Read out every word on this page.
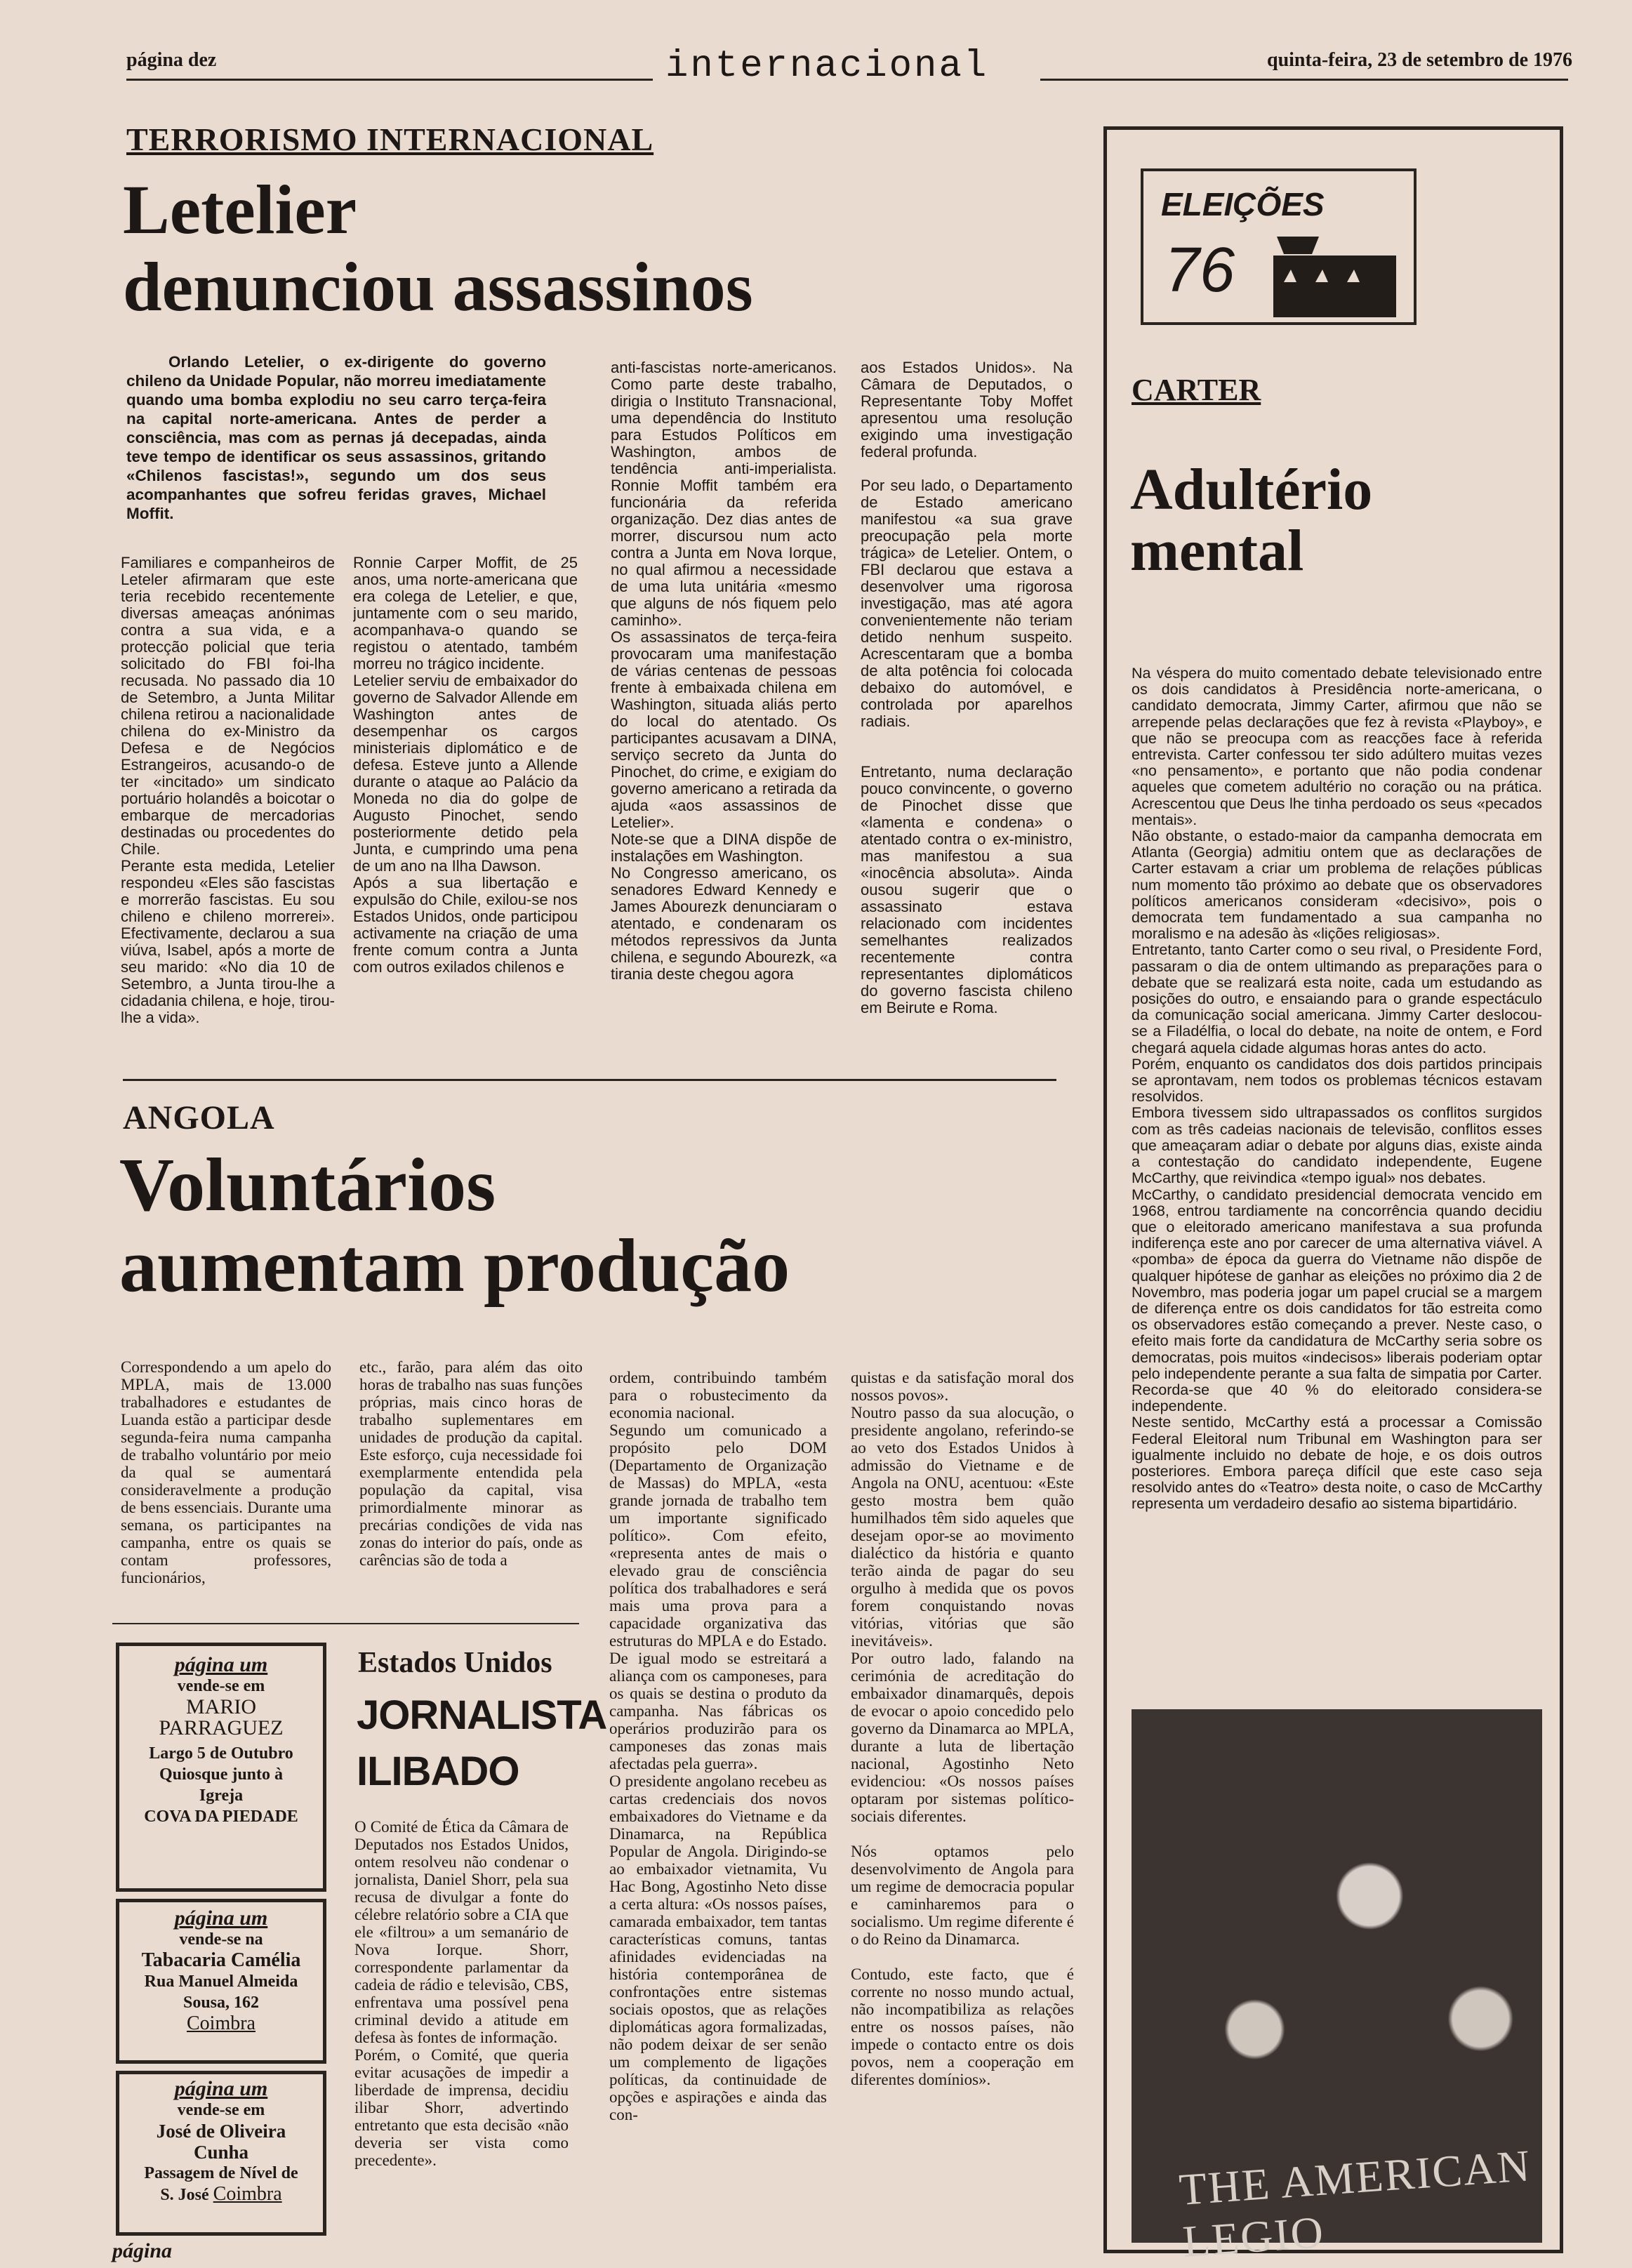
página dez	internacional	quinta-feira, 23 de setembro de 1976
TERRORISMO INTERNACIONAL
Letelier
denunciou assassinos
Orlando Letelier, o ex-dirigente do governo chileno da Unidade Popular, não morreu imediatamente quando uma bomba explodiu no seu carro terça-feira na capital norte-americana. Antes de perder a consciência, mas com as pernas já decepadas, ainda teve tempo de identificar os seus assassinos, gritando «Chilenos fascistas!», segundo um dos seus acompanhantes que sofreu feridas graves, Michael Moffit.
Familiares e companheiros de Leteler afirmaram que este teria recebido recentemente diversas ameaças anónimas contra a sua vida, e a protecção policial que teria solicitado do FBI foi-lha recusada. No passado dia 10 de Setembro, a Junta Militar chilena retirou a nacionalidade chilena do ex-Ministro da Defesa e de Negócios Estrangeiros, acusando-o de ter «incitado» um sindicato portuário holandês a boicotar o embarque de mercadorias destinadas ou procedentes do Chile.
Perante esta medida, Letelier respondeu «Eles são fascistas e morrerão fascistas. Eu sou chileno e chileno morrerei». Efectivamente, declarou a sua viúva, Isabel, após a morte de seu marido: «No dia 10 de Setembro, a Junta tirou-lhe a cidadania chilena, e hoje, tirou-lhe a vida».
Ronnie Carper Moffit, de 25 anos, uma norte-americana que era colega de Letelier, e que, juntamente com o seu marido, acompanhava-o quando se registou o atentado, também morreu no trágico incidente.
Letelier serviu de embaixador do governo de Salvador Allende em Washington antes de desempenhar os cargos ministeriais diplomático e de defesa. Esteve junto a Allende durante o ataque ao Palácio da Moneda no dia do golpe de Augusto Pinochet, sendo posteriormente detido pela Junta, e cumprindo uma pena de um ano na Ilha Dawson.
Após a sua libertação e expulsão do Chile, exilou-se nos Estados Unidos, onde participou activamente na criação de uma frente comum contra a Junta com outros exilados chilenos e
anti-fascistas norte-americanos. Como parte deste trabalho, dirigia o Instituto Transnacional, uma dependência do Instituto para Estudos Políticos em Washington, ambos de tendência anti-imperialista. Ronnie Moffit também era funcionária da referida organização. Dez dias antes de morrer, discursou num acto contra a Junta em Nova Iorque, no qual afirmou a necessidade de uma luta unitária «mesmo que alguns de nós fiquem pelo caminho».
Os assassinatos de terça-feira provocaram uma manifestação de várias centenas de pessoas frente à embaixada chilena em Washington, situada aliás perto do local do atentado. Os participantes acusavam a DINA, serviço secreto da Junta do Pinochet, do crime, e exigiam do governo americano a retirada da ajuda «aos assassinos de Letelier».
Note-se que a DINA dispõe de instalações em Washington.
No Congresso americano, os senadores Edward Kennedy e James Abourezk denunciaram o atentado, e condenaram os métodos repressivos da Junta chilena, e segundo Abourezk, «a tirania deste chegou agora
aos Estados Unidos». Na Câmara de Deputados, o Representante Toby Moffet apresentou uma resolução exigindo uma investigação federal profunda.

Por seu lado, o Departamento de Estado americano manifestou «a sua grave preocupação pela morte trágica» de Letelier. Ontem, o FBI declarou que estava a desenvolver uma rigorosa investigação, mas até agora convenientemente não teriam detido nenhum suspeito. Acrescentaram que a bomba de alta potência foi colocada debaixo do automóvel, e controlada por aparelhos radiais.

Entretanto, numa declaração pouco convincente, o governo de Pinochet disse que «lamenta e condena» o atentado contra o ex-ministro, mas manifestou a sua «inocência absoluta». Ainda ousou sugerir que o assassinato estava relacionado com incidentes semelhantes realizados recentemente contra representantes diplomáticos do governo fascista chileno em Beirute e Roma.
ANGOLA
Voluntários
aumentam produção
Correspondendo a um apelo do MPLA, mais de 13.000 trabalhadores e estudantes de Luanda estão a participar desde segunda-feira numa campanha de trabalho voluntário por meio da qual se aumentará consideravelmente a produção de bens essenciais. Durante uma semana, os participantes na campanha, entre os quais se contam professores, funcionários,
etc., farão, para além das oito horas de trabalho nas suas funções próprias, mais cinco horas de trabalho suplementares em unidades de produção da capital. Este esforço, cuja necessidade foi exemplarmente entendida pela população da capital, visa primordialmente minorar as precárias condições de vida nas zonas do interior do país, onde as carências são de toda a
ordem, contribuindo também para o robustecimento da economia nacional.
Segundo um comunicado a propósito pelo DOM (Departamento de Organização de Massas) do MPLA, «esta grande jornada de trabalho tem um importante significado político». Com efeito, «representa antes de mais o elevado grau de consciência política dos trabalhadores e será mais uma prova para a capacidade organizativa das estruturas do MPLA e do Estado. De igual modo se estreitará a aliança com os camponeses, para os quais se destina o produto da campanha. Nas fábricas os operários produzirão para os camponeses das zonas mais afectadas pela guerra».
O presidente angolano recebeu as cartas credenciais dos novos embaixadores do Vietname e da Dinamarca, na República Popular de Angola. Dirigindo-se ao embaixador vietnamita, Vu Hac Bong, Agostinho Neto disse a certa altura: «Os nossos países, camarada embaixador, tem tantas características comuns, tantas afinidades evidenciadas na história contemporânea de confrontações entre sistemas sociais opostos, que as relações diplomáticas agora formalizadas, não podem deixar de ser senão um complemento de ligações políticas, da continuidade de opções e aspirações e ainda das con-
quistas e da satisfação moral dos nossos povos».
Noutro passo da sua alocução, o presidente angolano, referindo-se ao veto dos Estados Unidos à admissão do Vietname e de Angola na ONU, acentuou: «Este gesto mostra bem quão humilhados têm sido aqueles que desejam opor-se ao movimento dialéctico da história e quanto terão ainda de pagar do seu orgulho à medida que os povos forem conquistando novas vitórias, vitórias que são inevitáveis».
Por outro lado, falando na cerimónia de acreditação do embaixador dinamarquês, depois de evocar o apoio concedido pelo governo da Dinamarca ao MPLA, durante a luta de libertação nacional, Agostinho Neto evidenciou: «Os nossos países optaram por sistemas político-sociais diferentes.

Nós optamos pelo desenvolvimento de Angola para um regime de democracia popular e caminharemos para o socialismo. Um regime diferente é o do Reino da Dinamarca.

Contudo, este facto, que é corrente no nosso mundo actual, não incompatibiliza as relações entre os nossos países, não impede o contacto entre os dois povos, nem a cooperação em diferentes domínios».
página um
vende-se em
MARIO
PARRAGUEZ
Largo 5 de Outubro
Quiosque junto à
Igreja
COVA DA PIEDADE
página um
vende-se na
Tabacaria Camélia
Rua Manuel Almeida
Sousa, 162
Coimbra
página um
vende-se em
José de Oliveira
Cunha
Passagem de Nível de
S. José Coimbra
Estados Unidos
JORNALISTA
ILIBADO
O Comité de Ética da Câmara de Deputados nos Estados Unidos, ontem resolveu não condenar o jornalista, Daniel Shorr, pela sua recusa de divulgar a fonte do célebre relatório sobre a CIA que ele «filtrou» a um semanário de Nova Iorque. Shorr, correspondente parlamentar da cadeia de rádio e televisão, CBS, enfrentava uma possível pena criminal devido a atitude em defesa às fontes de informação.
Porém, o Comité, que queria evitar acusações de impedir a liberdade de imprensa, decidiu ilibar Shorr, advertindo entretanto que esta decisão «não deveria ser vista como precedente».
página
ELEIÇÕES
76
CARTER
Adultério
mental
Na véspera do muito comentado debate televisionado entre os dois candidatos à Presidência norte-americana, o candidato democrata, Jimmy Carter, afirmou que não se arrepende pelas declarações que fez à revista «Playboy», e que não se preocupa com as reacções face à referida entrevista. Carter confessou ter sido adúltero muitas vezes «no pensamento», e portanto que não podia condenar aqueles que cometem adultério no coração ou na prática. Acrescentou que Deus lhe tinha perdoado os seus «pecados mentais».
Não obstante, o estado-maior da campanha democrata em Atlanta (Georgia) admitiu ontem que as declarações de Carter estavam a criar um problema de relações públicas num momento tão próximo ao debate que os observadores políticos americanos consideram «decisivo», pois o democrata tem fundamentado a sua campanha no moralismo e na adesão às «lições religiosas».
Entretanto, tanto Carter como o seu rival, o Presidente Ford, passaram o dia de ontem ultimando as preparações para o debate que se realizará esta noite, cada um estudando as posições do outro, e ensaiando para o grande espectáculo da comunicação social americana. Jimmy Carter deslocou-se a Filadélfia, o local do debate, na noite de ontem, e Ford chegará aquela cidade algumas horas antes do acto.
Porém, enquanto os candidatos dos dois partidos principais se aprontavam, nem todos os problemas técnicos estavam resolvidos.
Embora tivessem sido ultrapassados os conflitos surgidos com as três cadeias nacionais de televisão, conflitos esses que ameaçaram adiar o debate por alguns dias, existe ainda a contestação do candidato independente, Eugene McCarthy, que reivindica «tempo igual» nos debates.
McCarthy, o candidato presidencial democrata vencido em 1968, entrou tardiamente na concorrência quando decidiu que o eleitorado americano manifestava a sua profunda indiferença este ano por carecer de uma alternativa viável. A «pomba» de época da guerra do Vietname não dispõe de qualquer hipótese de ganhar as eleições no próximo dia 2 de Novembro, mas poderia jogar um papel crucial se a margem de diferença entre os dois candidatos for tão estreita como os observadores estão começando a prever. Neste caso, o efeito mais forte da candidatura de McCarthy seria sobre os democratas, pois muitos «indecisos» liberais poderiam optar pelo independente perante a sua falta de simpatia por Carter. Recorda-se que 40 % do eleitorado considera-se independente.
Neste sentido, McCarthy está a processar a Comissão Federal Eleitoral num Tribunal em Washington para ser igualmente incluido no debate de hoje, e os dois outros posteriores. Embora pareça difícil que este caso seja resolvido antes do «Teatro» desta noite, o caso de McCarthy representa um verdadeiro desafio ao sistema bipartidário.
THE AMERICAN LEGIO
